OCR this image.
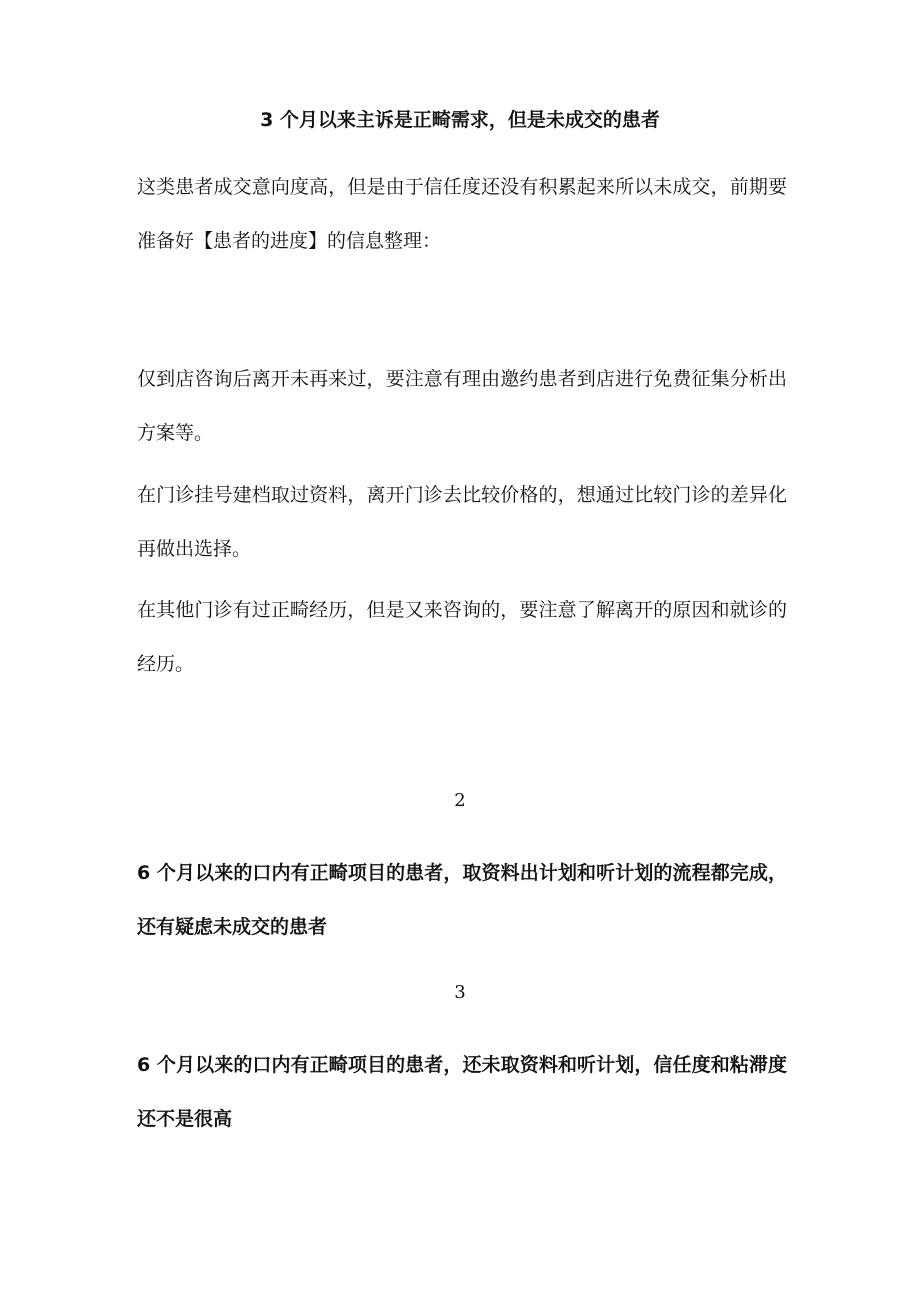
3 个月以来主诉是正畸需求，但是未成交的患者
这类患者成交意向度高，但是由于信任度还没有积累起来所以未成交，前期要准备好【患者的进度】的信息整理：
仅到店咨询后离开未再来过，要注意有理由邀约患者到店进行免费征集分析出方案等。
在门诊挂号建档取过资料，离开门诊去比较价格的，想通过比较门诊的差异化再做出选择。
在其他门诊有过正畸经历，但是又来咨询的，要注意了解离开的原因和就诊的经历。
2
6 个月以来的口内有正畸项目的患者，取资料出计划和听计划的流程都完成，还有疑虑未成交的患者
3
6 个月以来的口内有正畸项目的患者，还未取资料和听计划，信任度和粘滞度还不是很高
